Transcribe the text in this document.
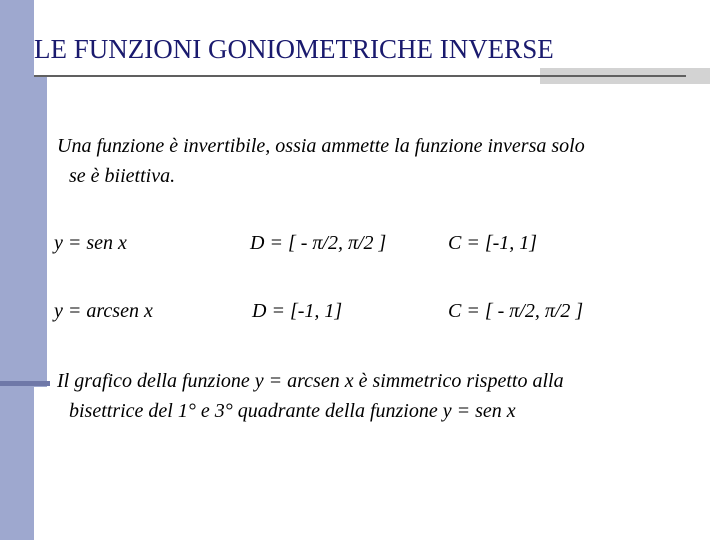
LE FUNZIONI GONIOMETRICHE INVERSE
Una funzione è invertibile, ossia ammette la funzione inversa solo
se è biiettiva.
y = sen x	D = [ - π/2, π/2 ]	C = [-1, 1]
y = arcsen x	D = [-1, 1]	C = [ - π/2, π/2 ]
Il grafico della funzione y = arcsen x è simmetrico rispetto alla
bisettrice del 1° e 3° quadrante della funzione y = sen x
